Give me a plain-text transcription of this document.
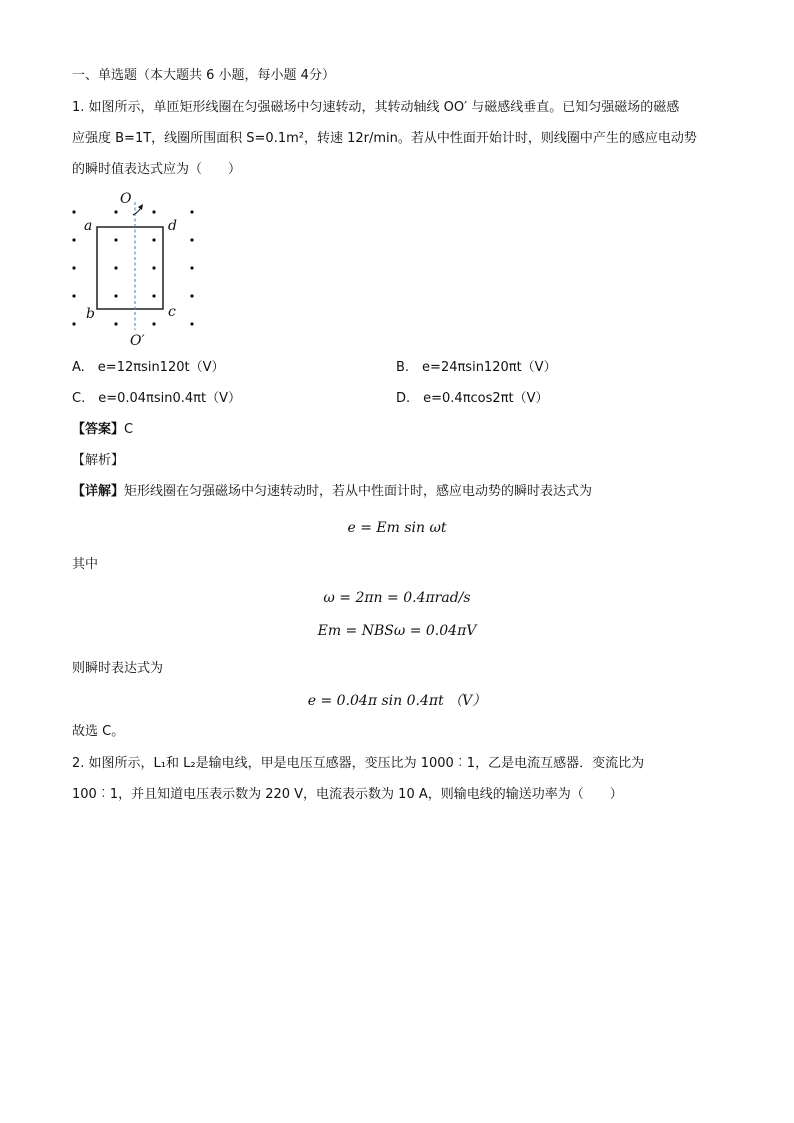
一、单选题（本大题共 6 小题，每小题 4分）
1. 如图所示，单匝矩形线圈在匀强磁场中匀速转动，其转动轴线 OO′ 与磁感线垂直。已知匀强磁场的磁感
应强度 B=1T，线圈所围面积 S=0.1m²，转速 12r/min。若从中性面开始计时，则线圈中产生的感应电动势
的瞬时值表达式应为（　　）
O
O′
a	d
b	c
A.　e=12πsin120t（V）	B.　e=24πsin120πt（V）
C.　e=0.04πsin0.4πt（V）	D.　e=0.4πcos2πt（V）
【答案】C
【解析】
【详解】矩形线圈在匀强磁场中匀速转动时，若从中性面计时，感应电动势的瞬时表达式为
e = Em sin ωt
其中
ω = 2πn = 0.4πrad/s
Em = NBSω = 0.04πV
则瞬时表达式为
e = 0.04π sin 0.4πt （V）
故选 C。
2. 如图所示，L₁和 L₂是输电线，甲是电压互感器，变压比为 1000︰1，乙是电流互感器．变流比为
100︰1，并且知道电压表示数为 220 V，电流表示数为 10 A，则输电线的输送功率为（　　）
